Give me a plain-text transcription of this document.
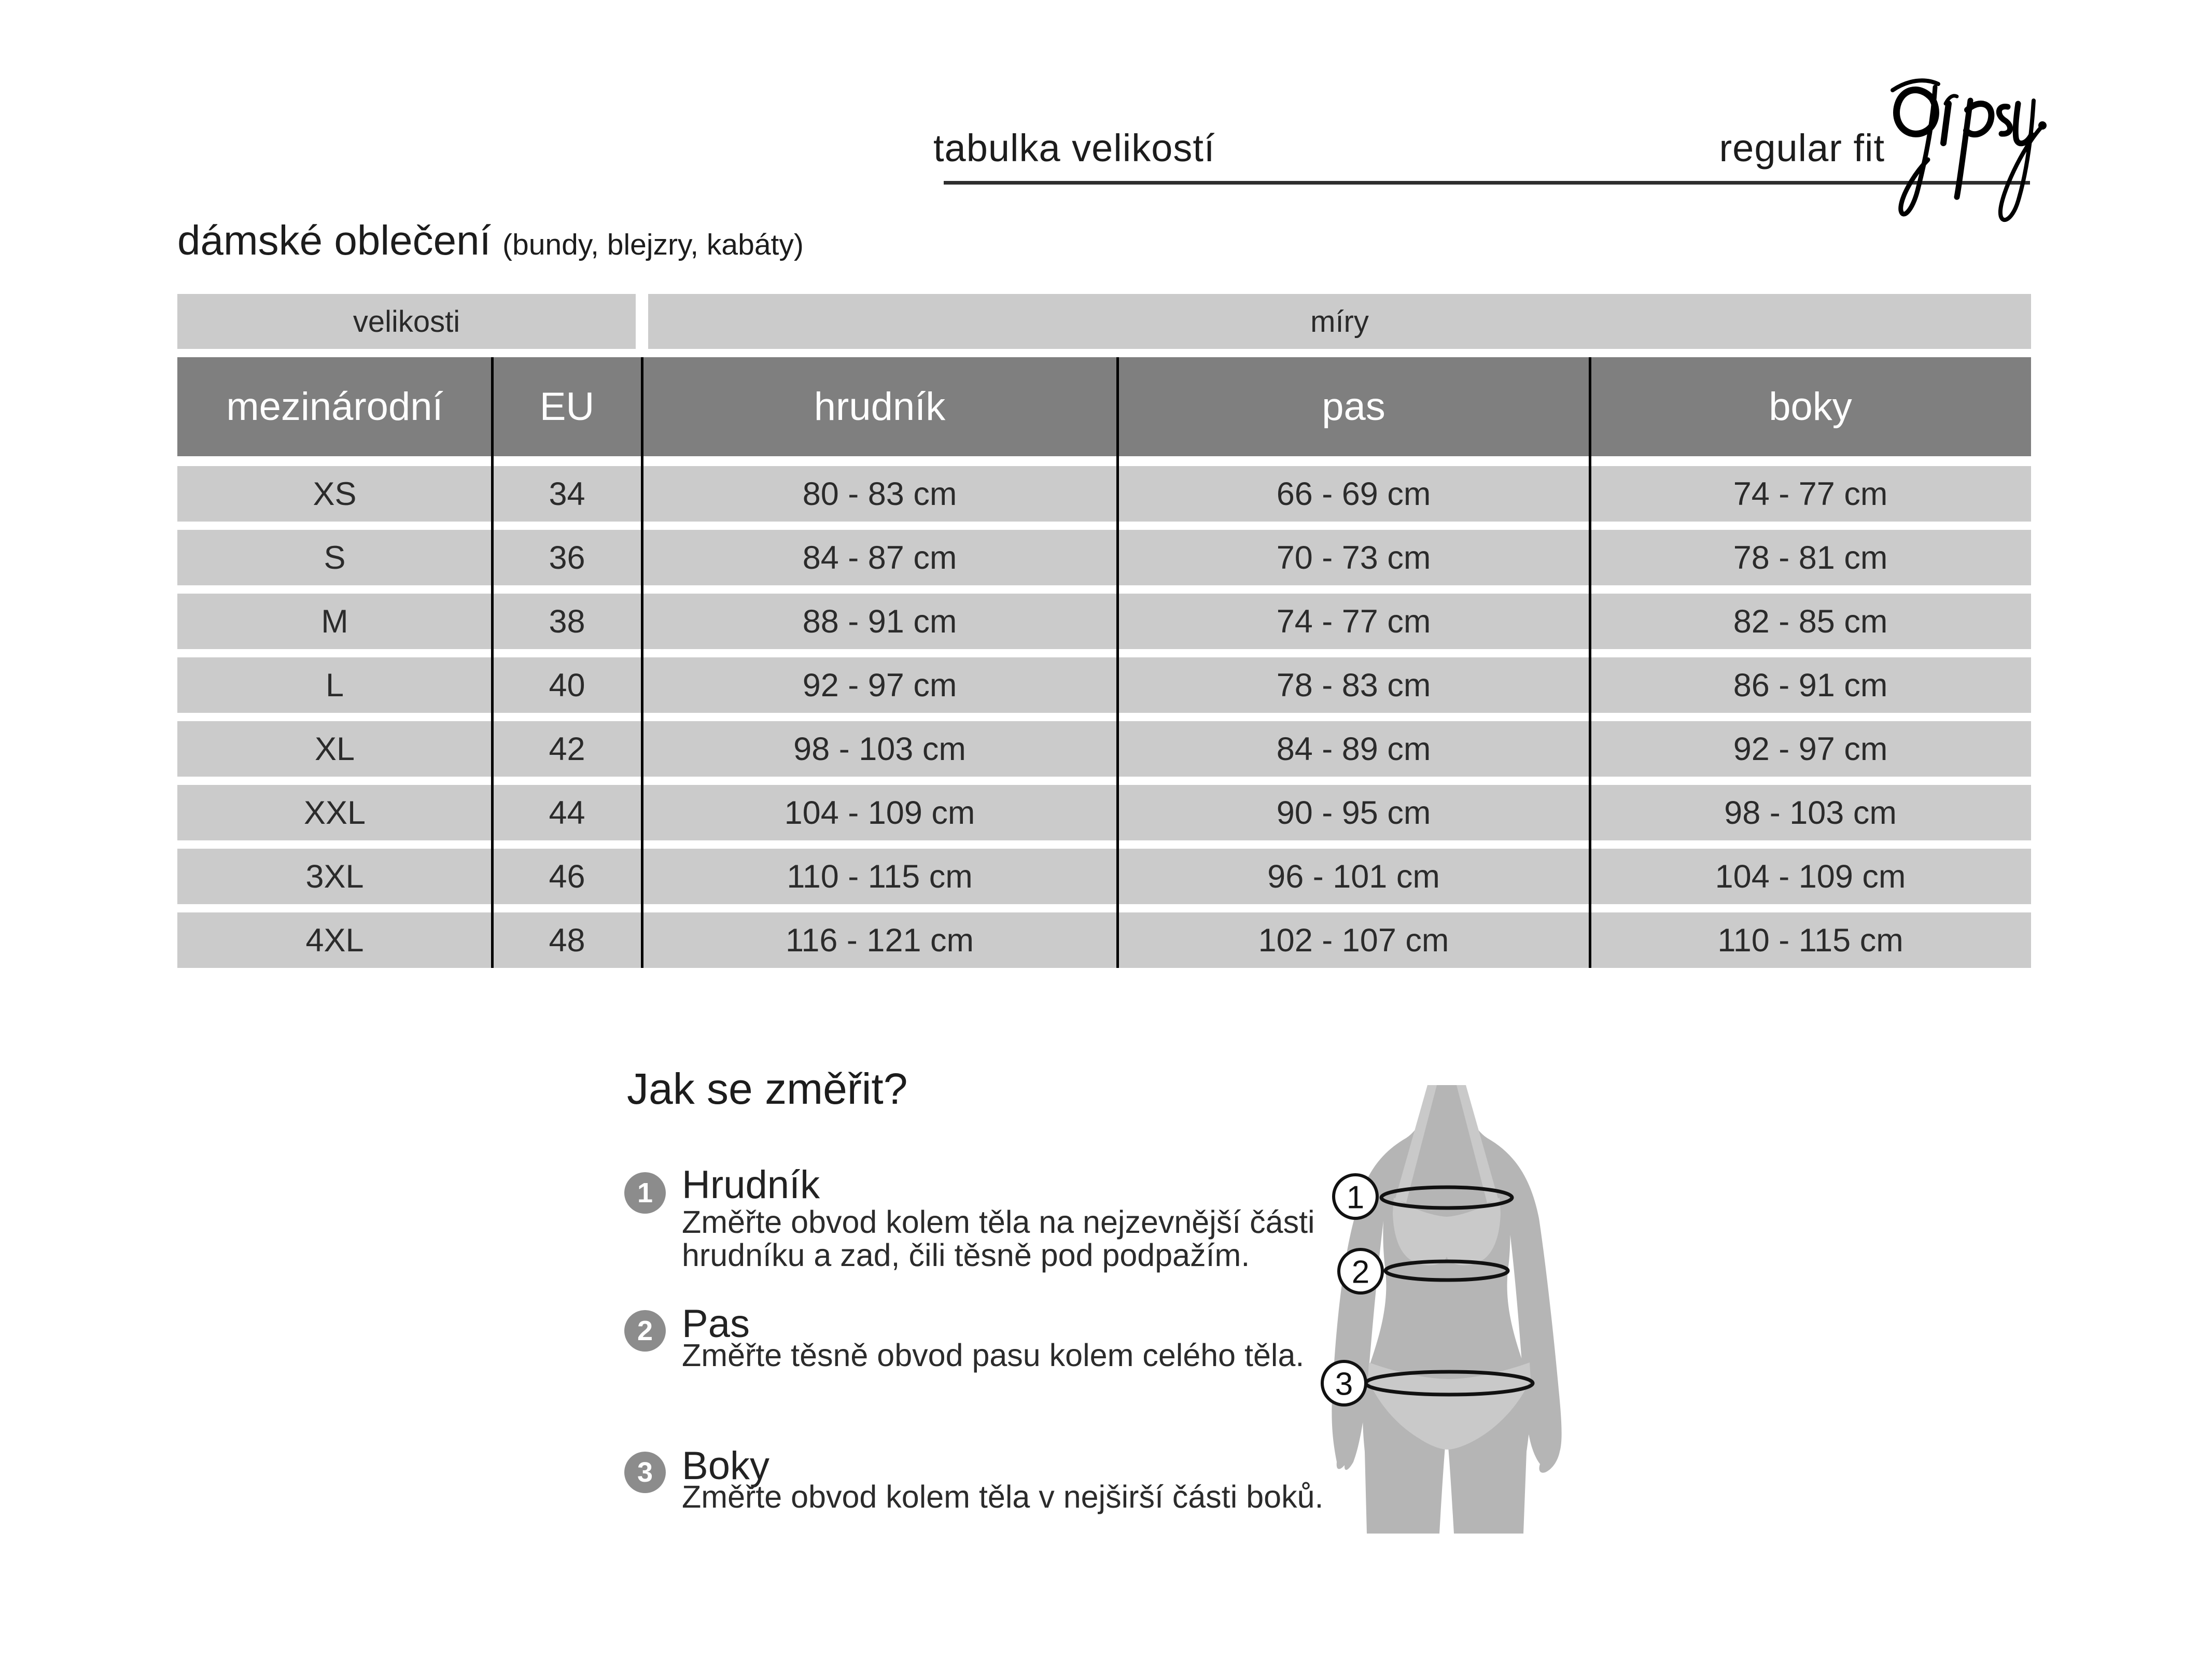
tabulka velikostí	regular fit
dámské oblečení (bundy, blejzry, kabáty)
velikosti	míry
mezinárodní	EU	hrudník	pas	boky
XS	34	80 - 83 cm	66 - 69 cm	74 - 77 cm
S	36	84 - 87 cm	70 - 73 cm	78 - 81 cm
M	38	88 - 91 cm	74 - 77 cm	82 - 85 cm
L	40	92 - 97 cm	78 - 83 cm	86 - 91 cm
XL	42	98 - 103 cm	84 - 89 cm	92 - 97 cm
XXL	44	104 - 109 cm	90 - 95 cm	98 - 103 cm
3XL	46	110 - 115 cm	96 - 101 cm	104 - 109 cm
4XL	48	116 - 121 cm	102 - 107 cm	110 - 115 cm
Jak se změřit?
1 Hrudník
Změřte obvod kolem těla na nejzevnější části
hrudníku a zad, čili těsně pod podpažím.
2 Pas
Změřte těsně obvod pasu kolem celého těla.
3 Boky
Změřte obvod kolem těla v nejširší části boků.
1
2
3
